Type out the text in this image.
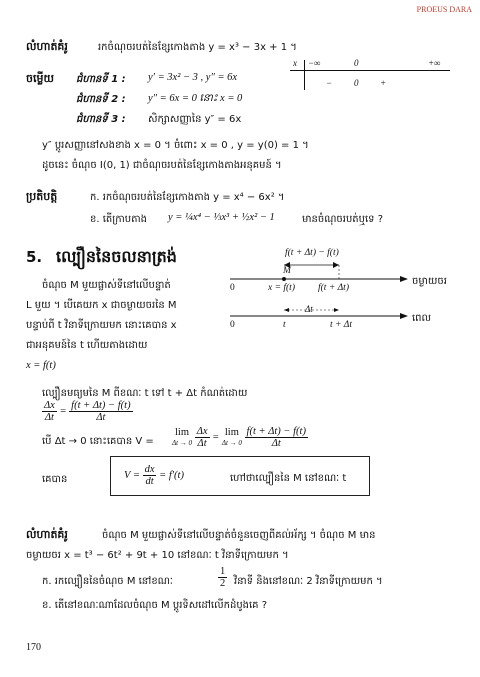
PROEUS DARA
លំហាត់គំរូ	រកចំណុចរបត់នៃខ្សែកោងតាង y = x³ − 3x + 1 ។
ចម្លើយ ជំហានទី 1 : y′ = 3x² − 3 , y″ = 6x
ជំហានទី 2 : y″ = 6x = 0 នោះ x = 0
ជំហានទី 3 : សិក្សាសញ្ញានៃ y″ = 6x
x −∞	0	+∞
− 0 +
y″ ប្តូរសញ្ញានៅសងខាង x = 0 ។ ចំពោះ x = 0 , y = y(0) = 1 ។
ដូចនេះ ចំណុច I(0, 1) ជាចំណុចរបត់នៃខ្សែកោងតាងអនុគមន៍ ។
ប្រតិបត្តិ	ក. រកចំណុចរបត់នៃខ្សែកោងតាង y = x⁴ − 6x² ។
ខ. តើក្រាបតាង y = ¼x⁴ − ⅓x³ + ½x² − 1	មានចំណុចរបត់ឬទេ ?
5. ល្បឿននៃចលនាត្រង់	f(t + Δt) − f(t)
M
0	x = f(t) f(t + Δt)
ចម្ងាយចរ
Δt
0	t	t + Δt
ពេល
ចំណុច M មួយផ្លាស់ទីនៅលើបន្ទាត់
L មួយ ។ បើគេយក x ជាចម្ងាយចរនៃ M
បន្ទាប់ពី t វិនាទីក្រោយមក នោះគេបាន x
ជាអនុគមន៍នៃ t ហើយតាងដោយ
x = f(t)
ល្បឿនមធ្យមនៃ M ពីខណៈ t ទៅ t + Δt កំណត់ដោយ
$\frac{\Delta x}{\Delta t} = \frac{f(t + \Delta t) - f(t)}{\Delta t}$
បើ Δt → 0 នោះគេបាន V =
lim
Δt → 0
$\frac{\Delta x}{\Delta t} = \lim$
Δt → 0
$\frac{f(t + \Delta t) - f(t)}{\Delta t}$
គេបាន	$V = \frac{dx}{dt} = f'(t)$	ហៅថាល្បឿននៃ M នៅខណៈ t
លំហាត់គំរូ	ចំណុច M មួយផ្លាស់ទីនៅលើបន្ទាត់ចំនួនចេញពីគល់អ័ក្ស ។ ចំណុច M មាន
ចម្ងាយចរ x = t³ − 6t² + 9t + 10 នៅខណៈ t វិនាទីក្រោយមក ។
ក. រកល្បឿននៃចំណុច M នៅខណៈ	$\frac{1}{2}$ វិនាទី និងនៅខណៈ 2 វិនាទីក្រោយមក ។
ខ. តើនៅខណៈណាដែលចំណុច M ប្តូរទិសដៅលើកដំបូងគេ ?
170
